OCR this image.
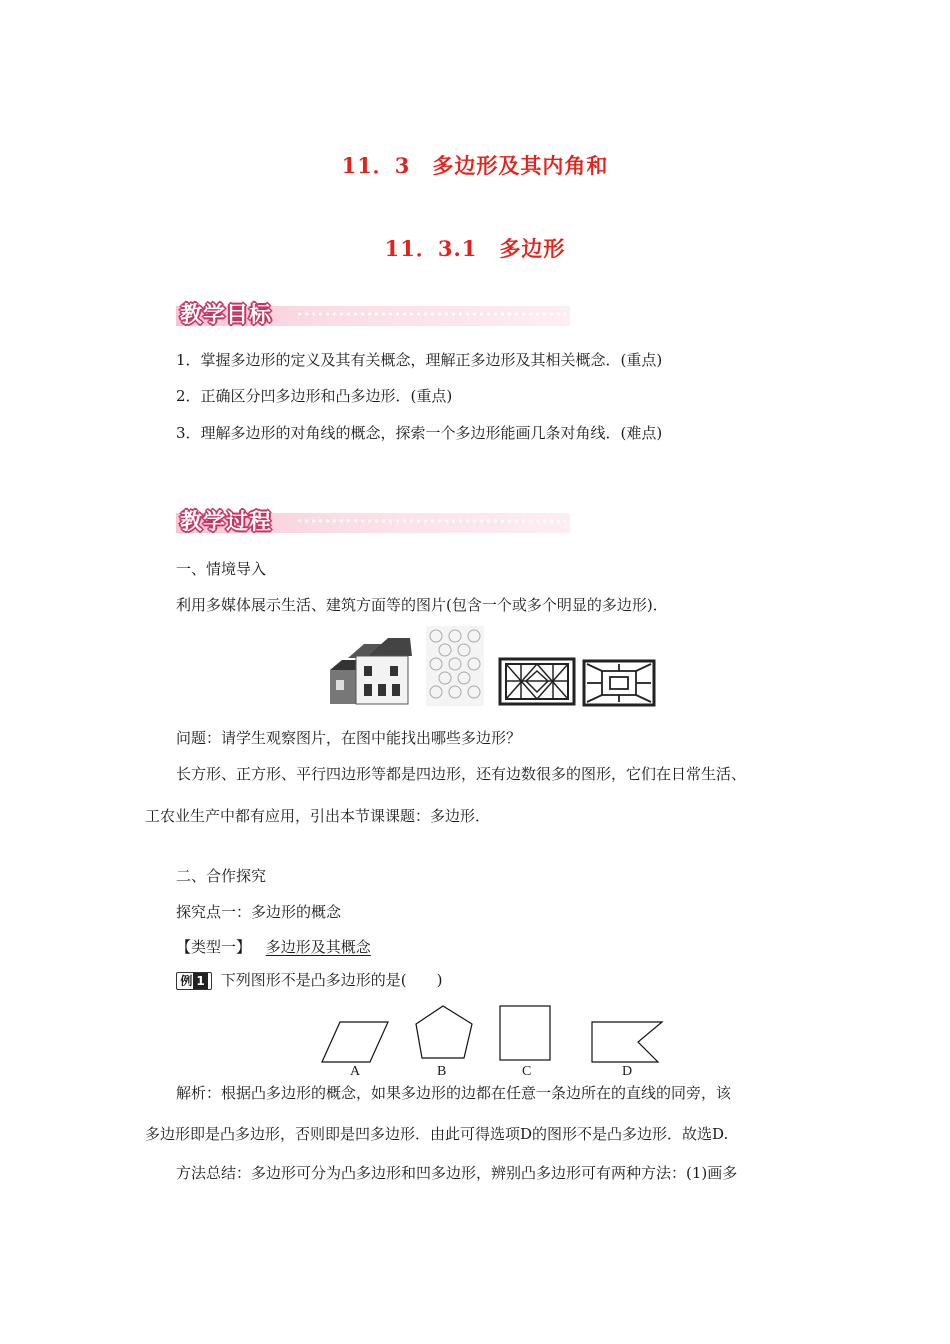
11．3　多边形及其内角和
11．3.1　多边形
教学目标
1．掌握多边形的定义及其有关概念，理解正多边形及其相关概念．(重点)
2．正确区分凹多边形和凸多边形．(重点)
3．理解多边形的对角线的概念，探索一个多边形能画几条对角线．(难点)
教学过程
一、情境导入
利用多媒体展示生活、建筑方面等的图片(包含一个或多个明显的多边形)．
问题：请学生观察图片，在图中能找出哪些多边形？
长方形、正方形、平行四边形等都是四边形，还有边数很多的图形，它们在日常生活、
工农业生产中都有应用，引出本节课课题：多边形．
二、合作探究
探究点一：多边形的概念
【类型一】 多边形及其概念
例 1 下列图形不是凸多边形的是(　　)
A	B	C	D
解析：根据凸多边形的概念，如果多边形的边都在任意一条边所在的直线的同旁，该
多边形即是凸多边形，否则即是凹多边形．由此可得选项D的图形不是凸多边形．故选D.
方法总结：多边形可分为凸多边形和凹多边形，辨别凸多边形可有两种方法：(1)画多
